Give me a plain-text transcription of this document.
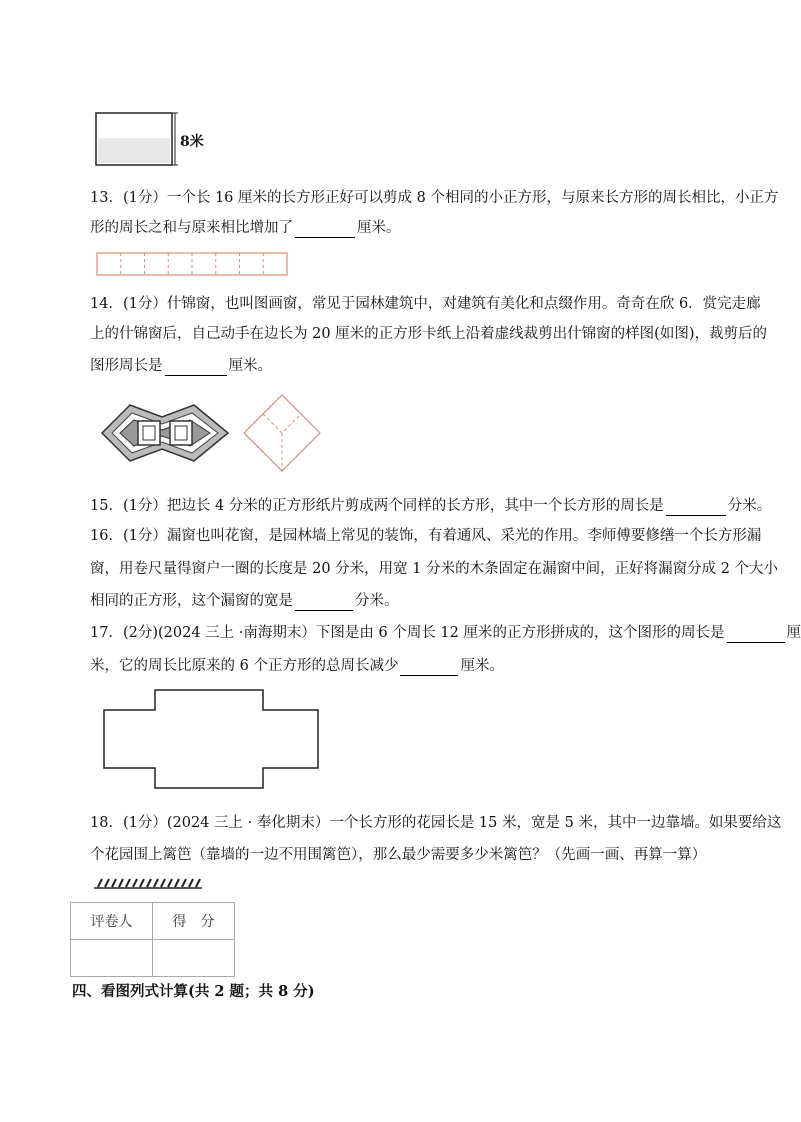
8米
13．(1分）一个长 16 厘米的长方形正好可以剪成 8 个相同的小正方形，与原来长方形的周长相比，小正方
形的周长之和与原来相比增加了	厘米。
14．(1分）什锦窗，也叫图画窗，常见于园林建筑中，对建筑有美化和点缀作用。奇奇在欣 6．赏完走廊
上的什锦窗后，自己动手在边长为 20 厘米的正方形卡纸上沿着虚线裁剪出什锦窗的样图(如图)，裁剪后的
图形周长是	厘米。
15．(1分）把边长 4 分米的正方形纸片剪成两个同样的长方形，其中一个长方形的周长是	分米。
16．(1分）漏窗也叫花窗，是园林墙上常见的装饰，有着通风、采光的作用。李师傅要修缮一个长方形漏
窗，用卷尺量得窗户一圈的长度是 20 分米，用宽 1 分米的木条固定在漏窗中间，正好将漏窗分成 2 个大小
相同的正方形，这个漏窗的宽是	分米。
17．(2分)(2024 三上 ·南海期末）下图是由 6 个周长 12 厘米的正方形拼成的，这个图形的周长是	厘
米，它的周长比原来的 6 个正方形的总周长减少	厘米。
18．(1分）(2024 三上 · 奉化期末）一个长方形的花园长是 15 米，宽是 5 米，其中一边靠墙。如果要给这
个花园围上篱笆（靠墙的一边不用围篱笆），那么最少需要多少米篱笆？（先画一画、再算一算）
评卷人	得　分

四、看图列式计算(共 2 题；共 8 分)
